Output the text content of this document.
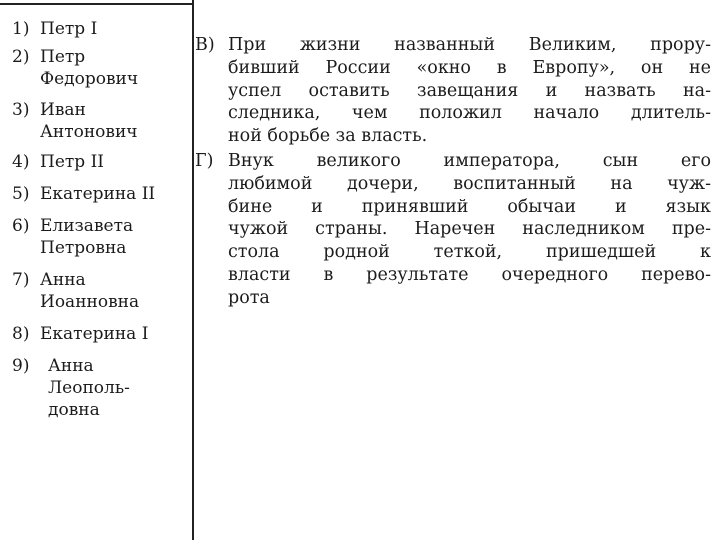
1) Петр I
2) Петр
Федорович
3) Иван
Антонович
4) Петр II
5) Екатерина II
6) Елизавета
Петровна
7) Анна
Иоанновна
8) Екатерина I
9)	Анна
Леополь-
довна
В) При жизни названный Великим, прору-
бивший России «окно в Европу», он не
успел оставить завещания и назвать на-
следника, чем положил начало длитель-
ной борьбе за власть.
Г) Внук великого императора, сын его
любимой дочери, воспитанный на чуж-
бине и принявший обычаи и язык
чужой страны. Наречен наследником пре-
стола родной теткой, пришедшей к
власти в результате очередного перево-
рота
